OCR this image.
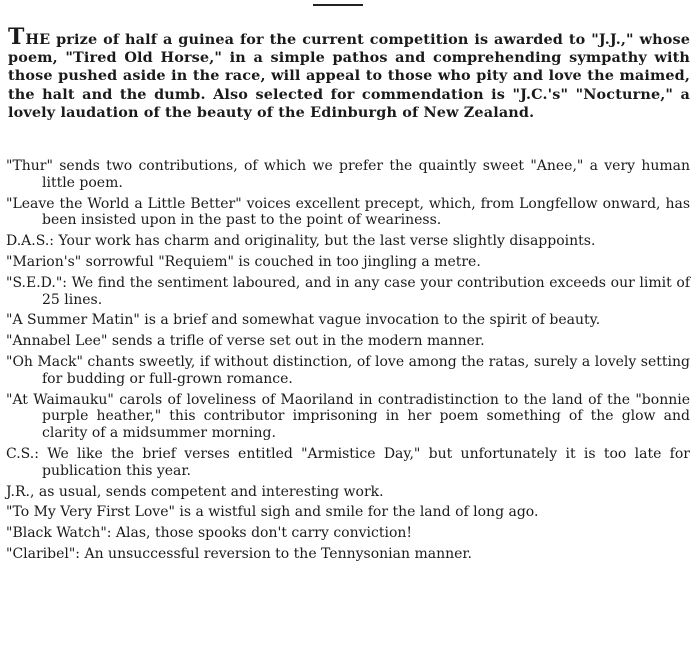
THE prize of half a guinea for the current competition is awarded to "J.J.," whose poem, "Tired Old Horse," in a simple pathos and comprehending sympathy with those pushed aside in the race, will appeal to those who pity and love the maimed, the halt and the dumb. Also selected for commendation is "J.C.'s" "Nocturne," a lovely laudation of the beauty of the Edinburgh of New Zealand.

"Thur" sends two contributions, of which we prefer the quaintly sweet "Anee," a very human little poem.
"Leave the World a Little Better" voices excellent precept, which, from Longfellow onward, has been insisted upon in the past to the point of weariness.
D.A.S.: Your work has charm and originality, but the last verse slightly disappoints.
"Marion's" sorrowful "Requiem" is couched in too jingling a metre.
"S.E.D.": We find the sentiment laboured, and in any case your contribution exceeds our limit of 25 lines.
"A Summer Matin" is a brief and somewhat vague invocation to the spirit of beauty.
"Annabel Lee" sends a trifle of verse set out in the modern manner.
"Oh Mack" chants sweetly, if without distinction, of love among the ratas, surely a lovely setting for budding or full-grown romance.
"At Waimauku" carols of loveliness of Maoriland in contradistinction to the land of the "bonnie purple heather," this contributor imprisoning in her poem something of the glow and clarity of a midsummer morning.
C.S.: We like the brief verses entitled "Armistice Day," but unfortunately it is too late for publication this year.
J.R., as usual, sends competent and interesting work.
"To My Very First Love" is a wistful sigh and smile for the land of long ago.
"Black Watch": Alas, those spooks don't carry conviction!
"Claribel": An unsuccessful reversion to the Tennysonian manner.
